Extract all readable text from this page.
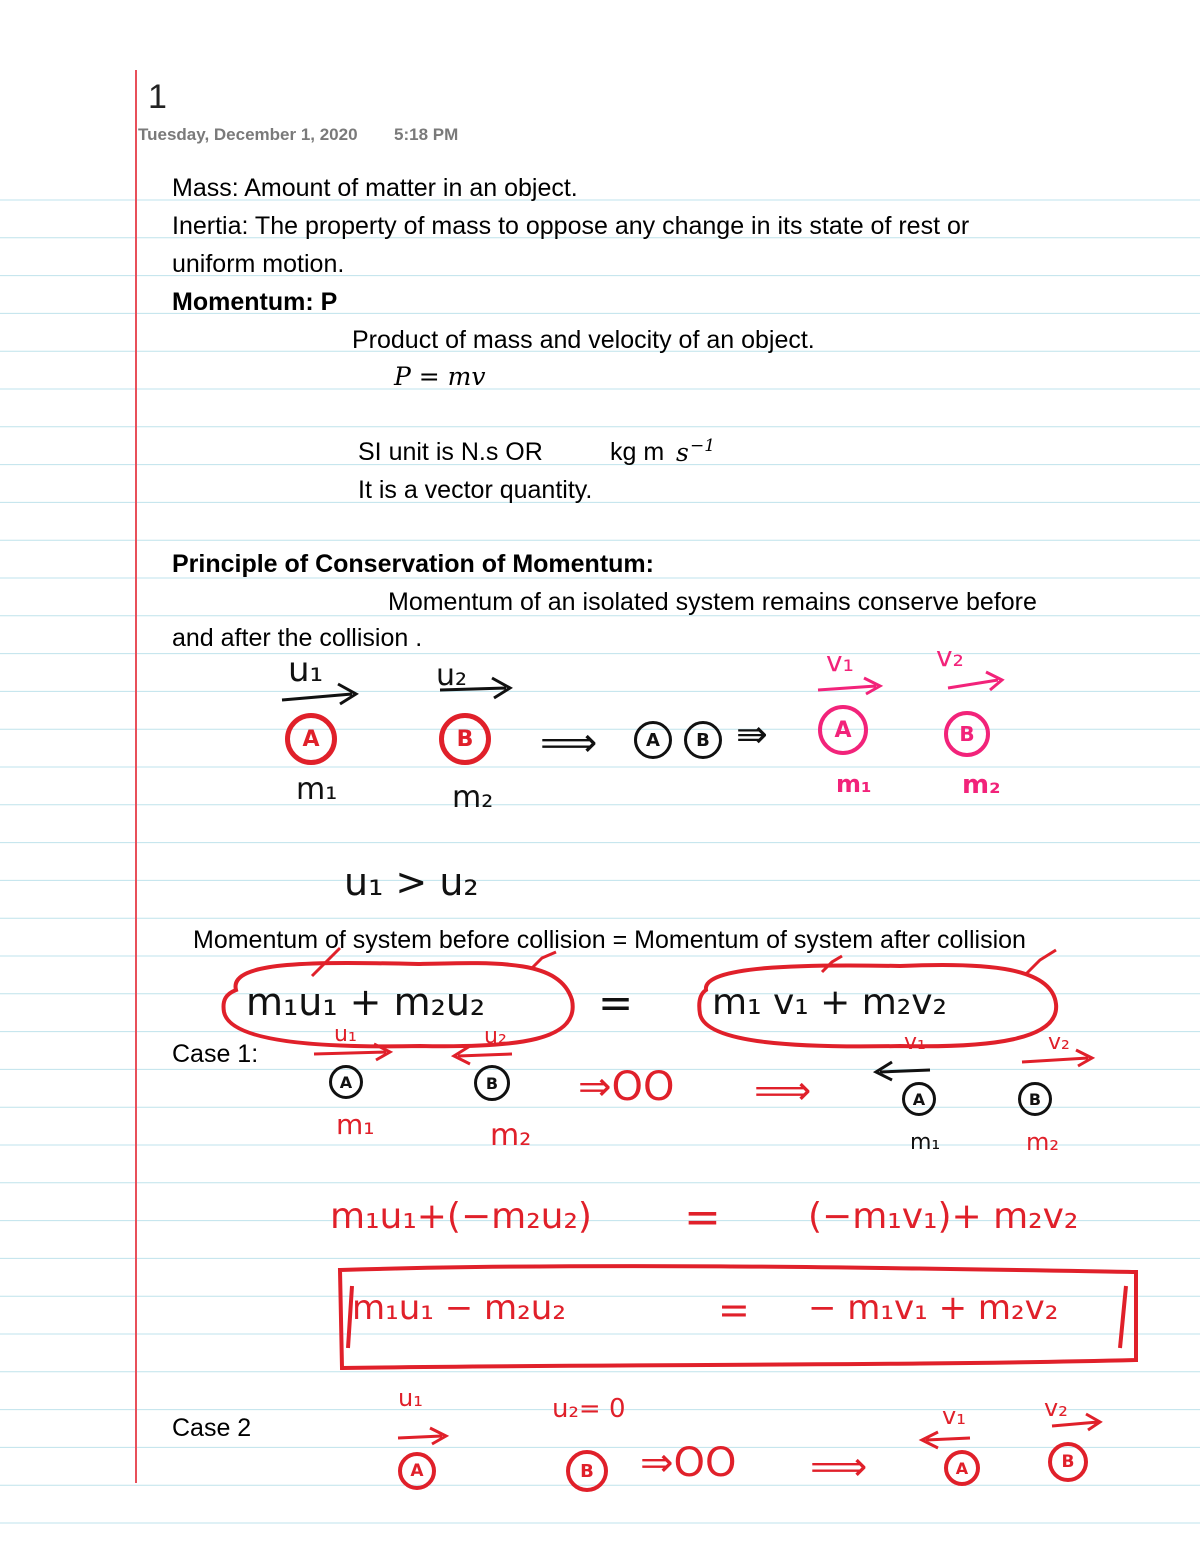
1
Tuesday, December 1, 2020 5:18 PM
Mass: Amount of matter in an object.
Inertia: The property of mass to oppose any change in its state of rest or
uniform motion.
Momentum: P
Product of mass and velocity of an object.
P = mv
SI unit is N.s OR	kg m s −1
It is a vector quantity.
Principle of Conservation of Momentum:
Momentum of an isolated system remains conserve before
and after the collision .
u₁	u₂
A	B
m₁	m₂
⟹	A	B ⇛
v₁	v₂
A	B
m₁	m₂
u₁ > u₂
Momentum of system before collision = Momentum of system after collision
m₁u₁ + m₂u₂	= m₁ v₁ + m₂v₂
Case 1:
u₁	u₂
A	B
m₁	m₂
⇒OO ⟹
v₁	v₂
A	B
m₁	m₂
m₁u₁+(−m₂u₂) = (−m₁v₁)+ m₂v₂
m₁u₁ − m₂u₂	= − m₁v₁ + m₂v₂
Case 2
u₁	u₂= 0
A	B	⇒OO ⟹
v₁	v₂
A	B
